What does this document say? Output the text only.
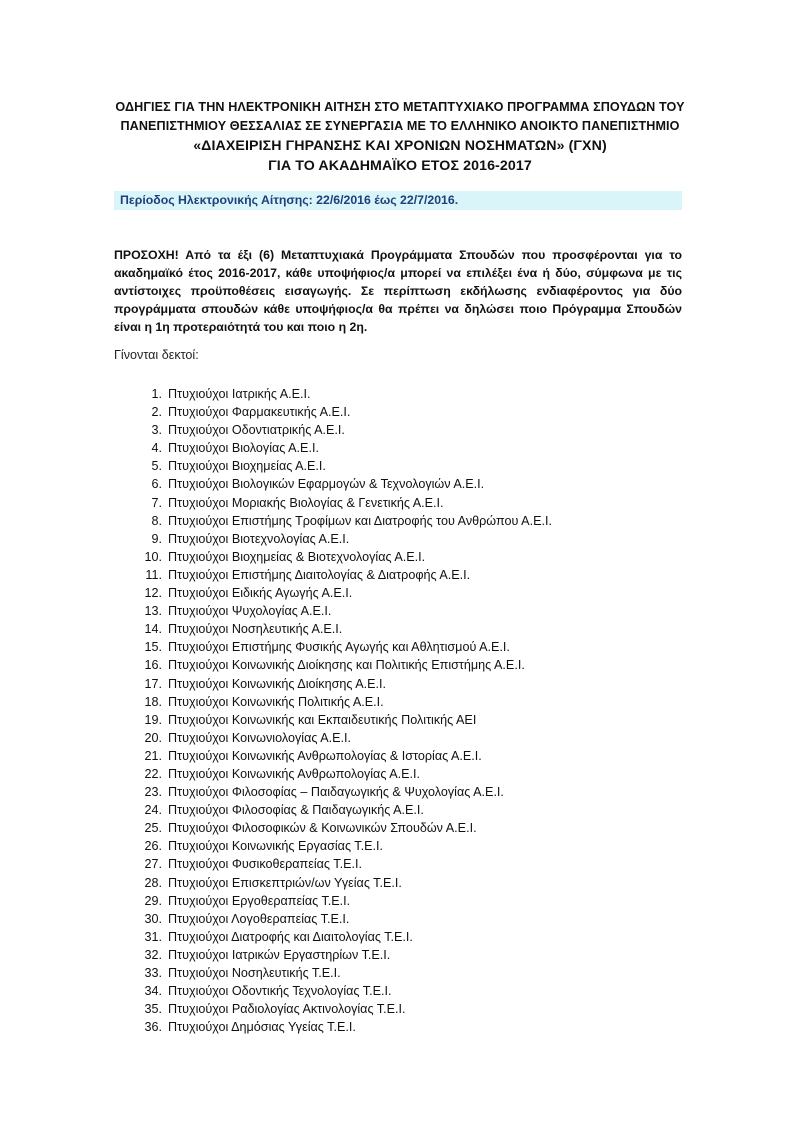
ΟΔΗΓΙΕΣ ΓΙΑ ΤΗΝ ΗΛΕΚΤΡΟΝΙΚΗ ΑΙΤΗΣΗ ΣΤΟ ΜΕΤΑΠΤΥΧΙΑΚΟ ΠΡΟΓΡΑΜΜΑ ΣΠΟΥΔΩΝ ΤΟΥ
ΠΑΝΕΠΙΣΤΗΜΙΟΥ ΘΕΣΣΑΛΙΑΣ ΣΕ ΣΥΝΕΡΓΑΣΙΑ ΜΕ ΤΟ ΕΛΛΗΝΙΚΟ ΑΝΟΙΚΤΟ ΠΑΝΕΠΙΣΤΗΜΙΟ
«ΔΙΑΧΕΙΡΙΣΗ ΓΗΡΑΝΣΗΣ ΚΑΙ ΧΡΟΝΙΩΝ ΝΟΣΗΜΑΤΩΝ» (ΓΧΝ)
ΓΙΑ ΤΟ ΑΚΑΔΗΜΑΪΚΟ ΕΤΟΣ 2016-2017
Περίοδος Ηλεκτρονικής Αίτησης: 22/6/2016 έως 22/7/2016.
ΠΡΟΣΟΧΗ! Από τα έξι (6) Μεταπτυχιακά Προγράμματα Σπουδών που προσφέρονται για το ακαδημαϊκό έτος 2016-2017, κάθε υποψήφιος/α μπορεί να επιλέξει ένα ή δύο, σύμφωνα με τις αντίστοιχες προϋποθέσεις εισαγωγής. Σε περίπτωση εκδήλωσης ενδιαφέροντος για δύο προγράμματα σπουδών κάθε υποψήφιος/α θα πρέπει να δηλώσει ποιο Πρόγραμμα Σπουδών είναι η 1η προτεραιότητά του και ποιο η 2η.
Γίνονται δεκτοί:
1. Πτυχιούχοι Ιατρικής Α.Ε.Ι.
2. Πτυχιούχοι Φαρμακευτικής Α.Ε.Ι.
3. Πτυχιούχοι Οδοντιατρικής Α.Ε.Ι.
4. Πτυχιούχοι Βιολογίας Α.Ε.Ι.
5. Πτυχιούχοι Βιοχημείας Α.Ε.Ι.
6. Πτυχιούχοι Βιολογικών Εφαρμογών & Τεχνολογιών Α.Ε.Ι.
7. Πτυχιούχοι Μοριακής Βιολογίας & Γενετικής Α.Ε.Ι.
8. Πτυχιούχοι Επιστήμης Τροφίμων και Διατροφής του Ανθρώπου Α.Ε.Ι.
9. Πτυχιούχοι Βιοτεχνολογίας Α.Ε.Ι.
10. Πτυχιούχοι Βιοχημείας & Βιοτεχνολογίας Α.Ε.Ι.
11. Πτυχιούχοι Επιστήμης Διαιτολογίας & Διατροφής Α.Ε.Ι.
12. Πτυχιούχοι Ειδικής Αγωγής Α.Ε.Ι.
13. Πτυχιούχοι Ψυχολογίας Α.Ε.Ι.
14. Πτυχιούχοι Νοσηλευτικής Α.Ε.Ι.
15. Πτυχιούχοι Επιστήμης Φυσικής Αγωγής και Αθλητισμού Α.Ε.Ι.
16. Πτυχιούχοι Κοινωνικής Διοίκησης και Πολιτικής Επιστήμης Α.Ε.Ι.
17. Πτυχιούχοι Κοινωνικής Διοίκησης Α.Ε.Ι.
18. Πτυχιούχοι Κοινωνικής Πολιτικής Α.Ε.Ι.
19. Πτυχιούχοι Κοινωνικής και Εκπαιδευτικής Πολιτικής ΑΕΙ
20. Πτυχιούχοι Κοινωνιολογίας Α.Ε.Ι.
21. Πτυχιούχοι Κοινωνικής Ανθρωπολογίας & Ιστορίας Α.Ε.Ι.
22. Πτυχιούχοι Κοινωνικής Ανθρωπολογίας Α.Ε.Ι.
23. Πτυχιούχοι Φιλοσοφίας – Παιδαγωγικής & Ψυχολογίας Α.Ε.Ι.
24. Πτυχιούχοι Φιλοσοφίας & Παιδαγωγικής Α.Ε.Ι.
25. Πτυχιούχοι Φιλοσοφικών & Κοινωνικών Σπουδών Α.Ε.Ι.
26. Πτυχιούχοι Κοινωνικής Εργασίας Τ.Ε.Ι.
27. Πτυχιούχοι Φυσικοθεραπείας Τ.Ε.Ι.
28. Πτυχιούχοι Επισκεπτριών/ων Υγείας Τ.Ε.Ι.
29. Πτυχιούχοι Εργοθεραπείας Τ.Ε.Ι.
30. Πτυχιούχοι Λογοθεραπείας Τ.Ε.Ι.
31. Πτυχιούχοι Διατροφής και Διαιτολογίας Τ.Ε.Ι.
32. Πτυχιούχοι Ιατρικών Εργαστηρίων Τ.Ε.Ι.
33. Πτυχιούχοι Νοσηλευτικής Τ.Ε.Ι.
34. Πτυχιούχοι Οδοντικής Τεχνολογίας Τ.Ε.Ι.
35. Πτυχιούχοι Ραδιολογίας Ακτινολογίας Τ.Ε.Ι.
36. Πτυχιούχοι Δημόσιας Υγείας Τ.Ε.Ι.
